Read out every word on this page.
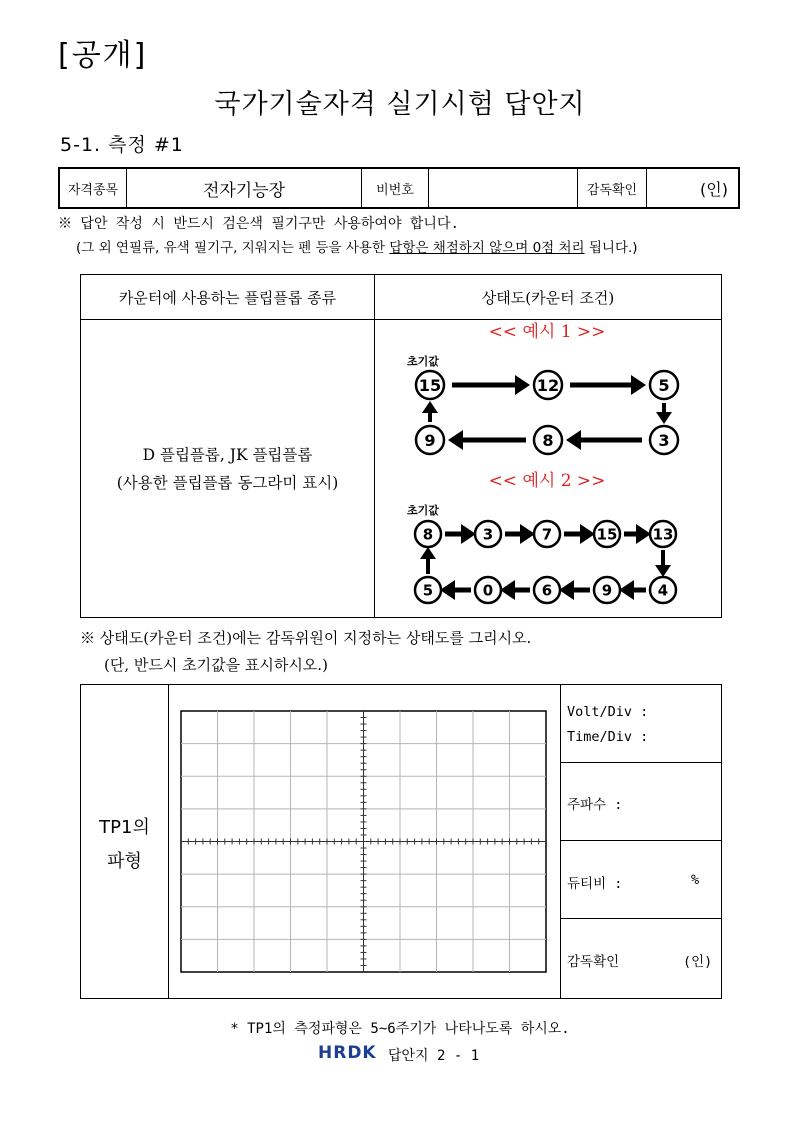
[공개]
국가기술자격 실기시험 답안지
5-1. 측정 #1
자격종목	전자기능장	비번호		감독확인	(인)
※ 답안 작성 시 반드시 검은색 필기구만 사용하여야 합니다.
(그 외 연필류, 유색 필기구, 지워지는 펜 등을 사용한 답항은 채점하지 않으며 0점 처리 됩니다.)
카운터에 사용하는 플립플롭 종류	상태도(카운터 조건)
D 플립플롭, JK 플립플롭
(사용한 플립플롭 동그라미 표시)
<< 예시 1 >>
초기값
15	12	5
3
8
9
<< 예시 2 >>
초기값
8	3	7	15 13
4
9
6
0
5
※ 상태도(카운터 조건)에는 감독위원이 지정하는 상태도를 그리시오.
(단, 반드시 초기값을 표시하시오.)
TP1의
파형
Volt/Div :
Time/Div :
주파수 :
듀티비 :	%
감독확인	(인)
* TP1의 측정파형은 5~6주기가 나타나도록 하시오.
HRDK 답안지 2 - 1
